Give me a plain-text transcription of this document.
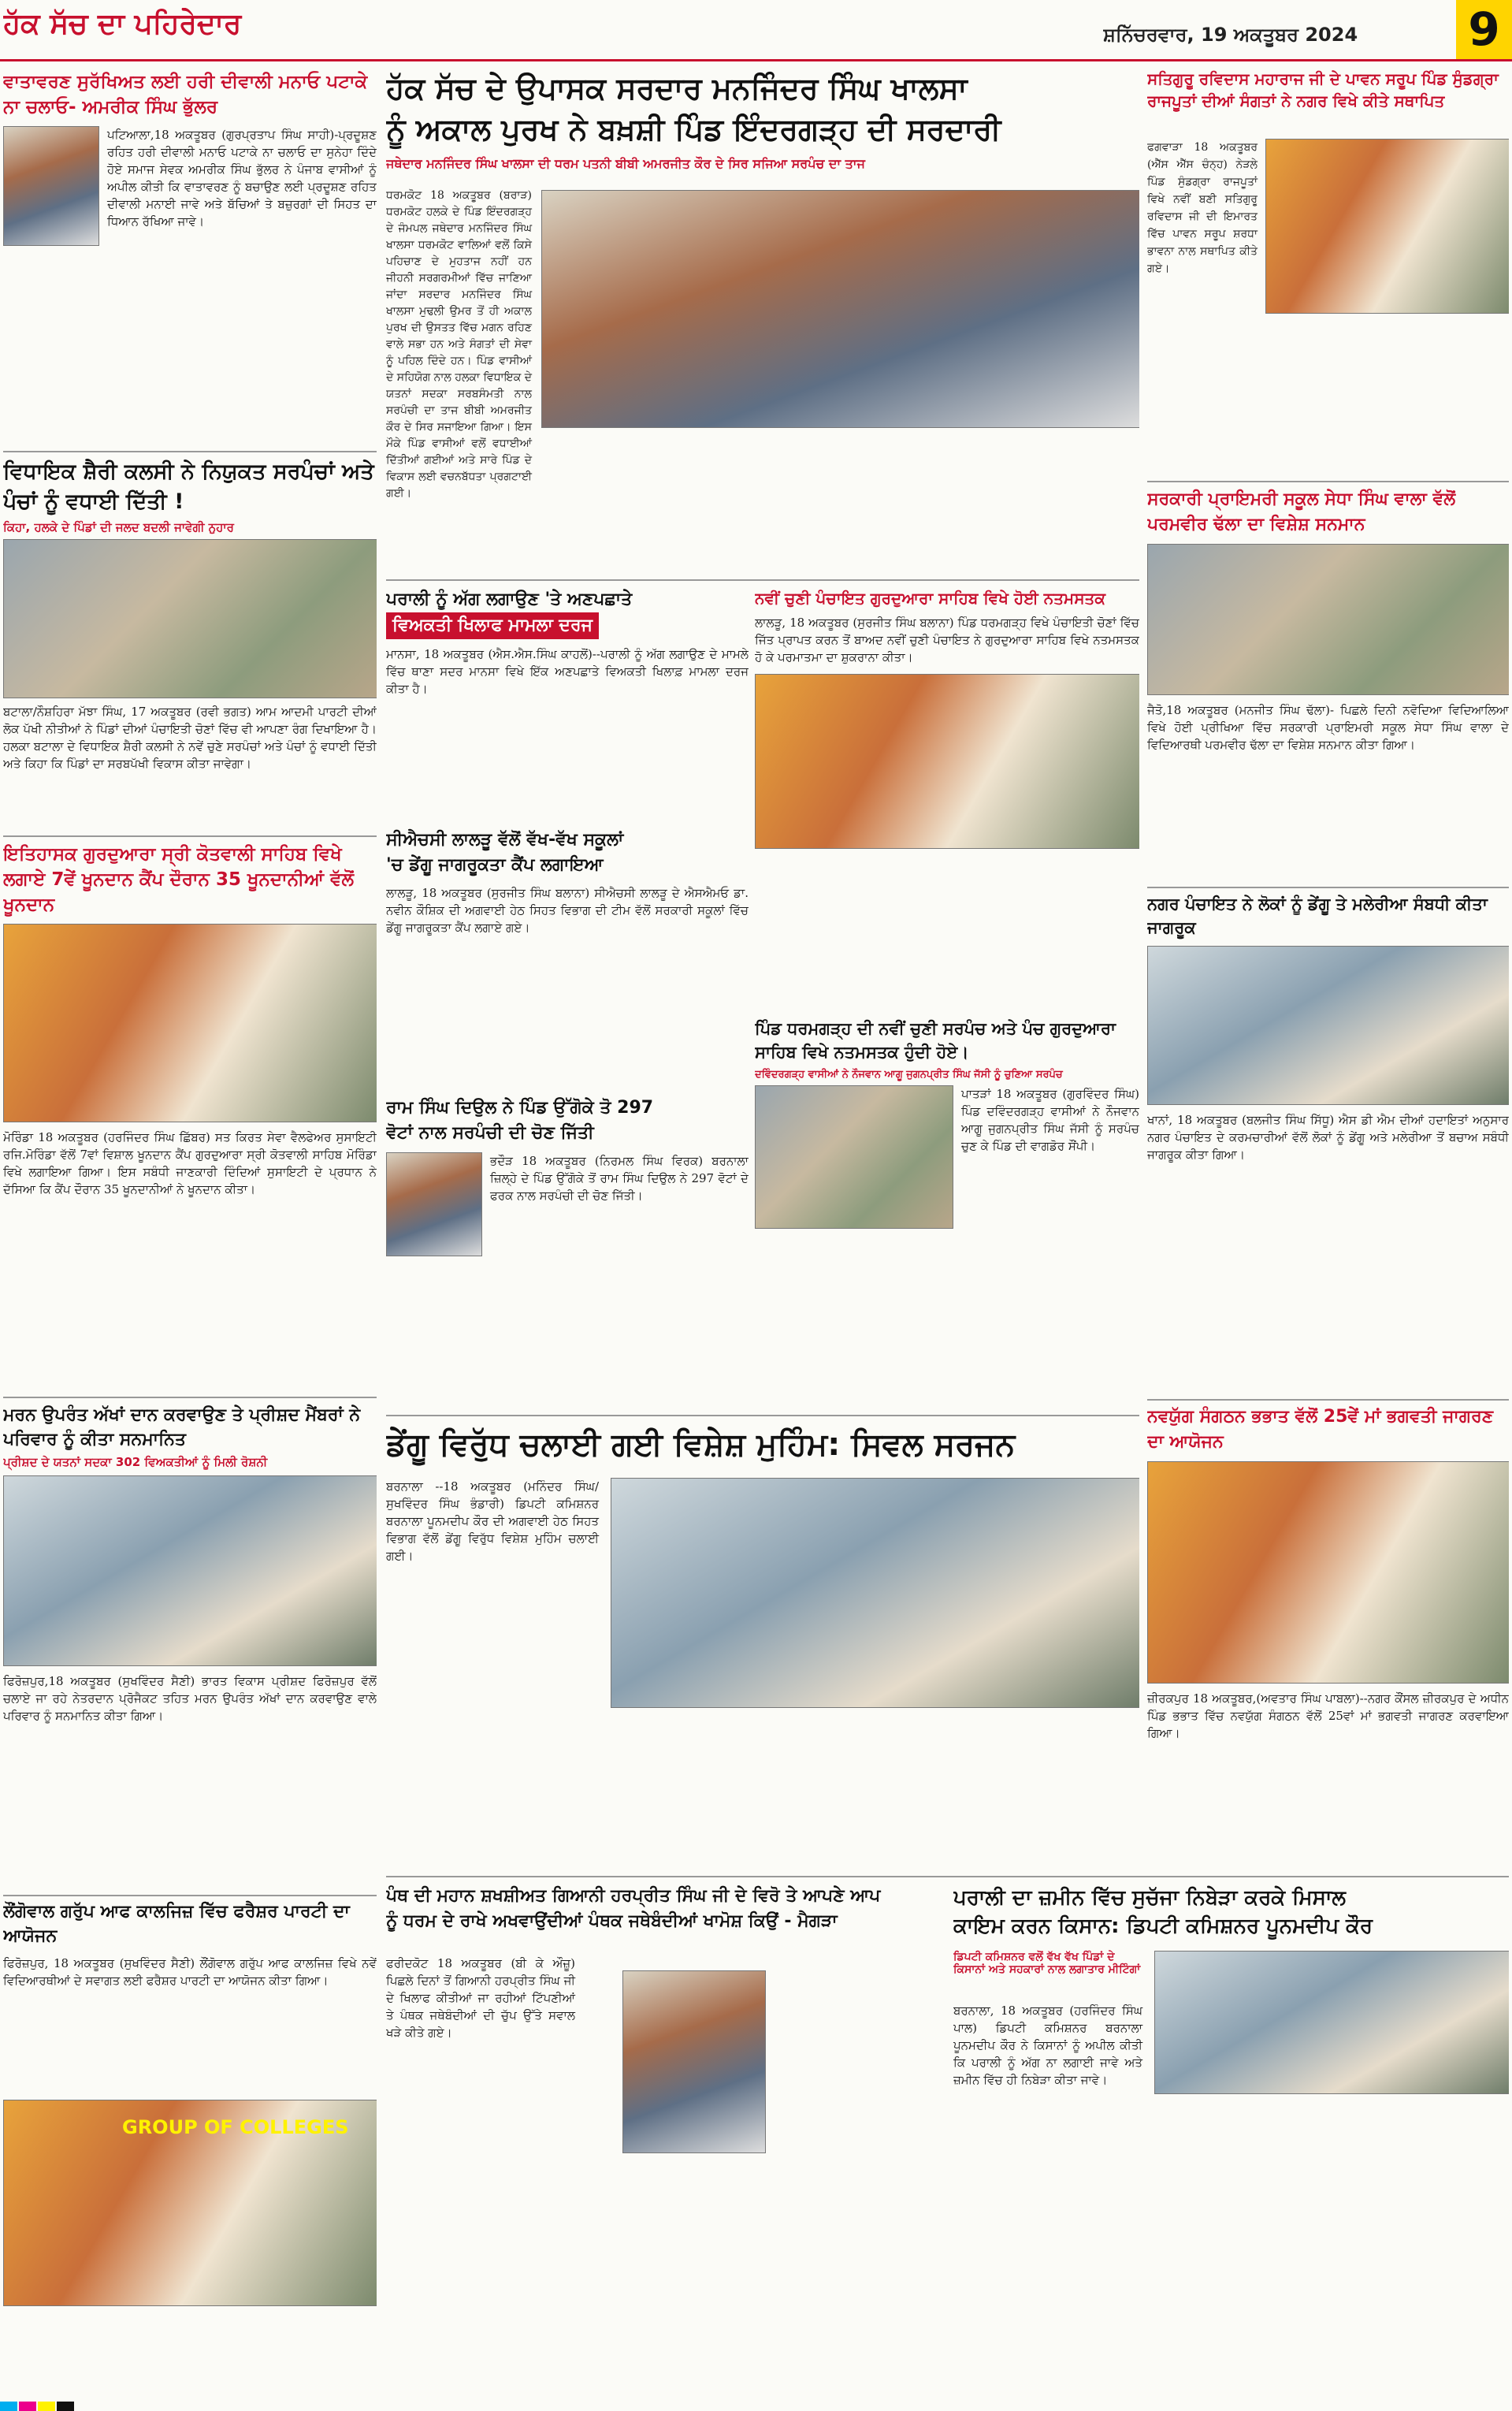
ਹੱਕ ਸੱਚ ਦਾ ਪਹਿਰੇਦਾਰ	ਸ਼ਨਿੱਚਰਵਾਰ, 19 ਅਕਤੂਬਰ 2024	9
ਵਾਤਾਵਰਣ ਸੁਰੱਖਿਅਤ ਲਈ ਹਰੀ ਦੀਵਾਲੀ ਮਨਾਓ ਪਟਾਕੇ ਨਾ ਚਲਾਓ- ਅਮਰੀਕ ਸਿੰਘ ਭੁੱਲਰ
ਪਟਿਆਲਾ,18 ਅਕਤੂਬਰ (ਗੁਰਪ੍ਰਤਾਪ ਸਿੰਘ ਸਾਹੀ)-ਪ੍ਰਦੂਸ਼ਣ ਰਹਿਤ ਹਰੀ ਦੀਵਾਲੀ ਮਨਾਓ ਪਟਾਕੇ ਨਾ ਚਲਾਓ ਦਾ ਸੁਨੇਹਾ ਦਿੰਦੇ ਹੋਏ ਸਮਾਜ ਸੇਵਕ ਅਮਰੀਕ ਸਿੰਘ ਭੁੱਲਰ ਨੇ ਪੰਜਾਬ ਵਾਸੀਆਂ ਨੂੰ ਅਪੀਲ ਕੀਤੀ ਕਿ ਵਾਤਾਵਰਣ ਨੂੰ ਬਚਾਉਣ ਲਈ ਪ੍ਰਦੂਸ਼ਣ ਰਹਿਤ ਦੀਵਾਲੀ ਮਨਾਈ ਜਾਵੇ ਅਤੇ ਬੱਚਿਆਂ ਤੇ ਬਜ਼ੁਰਗਾਂ ਦੀ ਸਿਹਤ ਦਾ ਧਿਆਨ ਰੱਖਿਆ ਜਾਵੇ।
ਵਿਧਾਇਕ ਸ਼ੈਰੀ ਕਲਸੀ ਨੇ ਨਿਯੁਕਤ ਸਰਪੰਚਾਂ ਅਤੇ ਪੰਚਾਂ ਨੂੰ ਵਧਾਈ ਦਿੱਤੀ !
ਕਿਹਾ, ਹਲਕੇ ਦੇ ਪਿੰਡਾਂ ਦੀ ਜਲਦ ਬਦਲੀ ਜਾਵੇਗੀ ਨੁਹਾਰ
ਬਟਾਲਾ/ਨੌਸ਼ਹਿਰਾ ਮੱਝਾ ਸਿੰਘ, 17 ਅਕਤੂਬਰ (ਰਵੀ ਭਗਤ) ਆਮ ਆਦਮੀ ਪਾਰਟੀ ਦੀਆਂ ਲੋਕ ਪੱਖੀ ਨੀਤੀਆਂ ਨੇ ਪਿੰਡਾਂ ਦੀਆਂ ਪੰਚਾਇਤੀ ਚੋਣਾਂ ਵਿੱਚ ਵੀ ਆਪਣਾ ਰੰਗ ਦਿਖਾਇਆ ਹੈ। ਹਲਕਾ ਬਟਾਲਾ ਦੇ ਵਿਧਾਇਕ ਸ਼ੈਰੀ ਕਲਸੀ ਨੇ ਨਵੇਂ ਚੁਣੇ ਸਰਪੰਚਾਂ ਅਤੇ ਪੰਚਾਂ ਨੂੰ ਵਧਾਈ ਦਿੱਤੀ ਅਤੇ ਕਿਹਾ ਕਿ ਪਿੰਡਾਂ ਦਾ ਸਰਬਪੱਖੀ ਵਿਕਾਸ ਕੀਤਾ ਜਾਵੇਗਾ।
ਇਤਿਹਾਸਕ ਗੁਰਦੁਆਰਾ ਸ੍ਰੀ ਕੋਤਵਾਲੀ ਸਾਹਿਬ ਵਿਖੇ ਲਗਾਏ 7ਵੇਂ ਖੂਨਦਾਨ ਕੈਂਪ ਦੌਰਾਨ 35 ਖੂਨਦਾਨੀਆਂ ਵੱਲੋਂ ਖੂਨਦਾਨ
ਮੋਰਿੰਡਾ 18 ਅਕਤੂਬਰ (ਹਰਜਿੰਦਰ ਸਿੰਘ ਛਿੱਬਰ) ਸਤ ਕਿਰਤ ਸੇਵਾ ਵੈਲਫੇਅਰ ਸੁਸਾਇਟੀ ਰਜਿ.ਮੋਰਿੰਡਾ ਵੱਲੋਂ 7ਵਾਂ ਵਿਸ਼ਾਲ ਖੂਨਦਾਨ ਕੈਂਪ ਗੁਰਦੁਆਰਾ ਸ੍ਰੀ ਕੋਤਵਾਲੀ ਸਾਹਿਬ ਮੋਰਿੰਡਾ ਵਿਖੇ ਲਗਾਇਆ ਗਿਆ। ਇਸ ਸਬੰਧੀ ਜਾਣਕਾਰੀ ਦਿੰਦਿਆਂ ਸੁਸਾਇਟੀ ਦੇ ਪ੍ਰਧਾਨ ਨੇ ਦੱਸਿਆ ਕਿ ਕੈਂਪ ਦੌਰਾਨ 35 ਖੂਨਦਾਨੀਆਂ ਨੇ ਖੂਨਦਾਨ ਕੀਤਾ।
ਮਰਨ ਉਪਰੰਤ ਅੱਖਾਂ ਦਾਨ ਕਰਵਾਉਣ ਤੇ ਪ੍ਰੀਸ਼ਦ ਮੈਂਬਰਾਂ ਨੇ ਪਰਿਵਾਰ ਨੂੰ ਕੀਤਾ ਸਨਮਾਨਿਤ
ਪ੍ਰੀਸ਼ਦ ਦੇ ਯਤਨਾਂ ਸਦਕਾ 302 ਵਿਅਕਤੀਆਂ ਨੂੰ ਮਿਲੀ ਰੋਸ਼ਨੀ
ਫਿਰੋਜ਼ਪੁਰ,18 ਅਕਤੂਬਰ (ਸੁਖਵਿੰਦਰ ਸੈਣੀ) ਭਾਰਤ ਵਿਕਾਸ ਪ੍ਰੀਸ਼ਦ ਫਿਰੋਜ਼ਪੁਰ ਵੱਲੋਂ ਚਲਾਏ ਜਾ ਰਹੇ ਨੇਤਰਦਾਨ ਪ੍ਰੋਜੈਕਟ ਤਹਿਤ ਮਰਨ ਉਪਰੰਤ ਅੱਖਾਂ ਦਾਨ ਕਰਵਾਉਣ ਵਾਲੇ ਪਰਿਵਾਰ ਨੂੰ ਸਨਮਾਨਿਤ ਕੀਤਾ ਗਿਆ।
ਲੌਂਗੋਵਾਲ ਗਰੁੱਪ ਆਫ ਕਾਲਜਿਜ਼ ਵਿੱਚ ਫਰੈਸ਼ਰ ਪਾਰਟੀ ਦਾ ਆਯੋਜਨ
ਫਿਰੋਜ਼ਪੁਰ, 18 ਅਕਤੂਬਰ (ਸੁਖਵਿੰਦਰ ਸੈਣੀ) ਲੌਂਗੋਵਾਲ ਗਰੁੱਪ ਆਫ ਕਾਲਜਿਜ਼ ਵਿਖੇ ਨਵੇਂ ਵਿਦਿਆਰਥੀਆਂ ਦੇ ਸਵਾਗਤ ਲਈ ਫਰੈਸ਼ਰ ਪਾਰਟੀ ਦਾ ਆਯੋਜਨ ਕੀਤਾ ਗਿਆ।
GROUP OF COLLEGES
ਹੱਕ ਸੱਚ ਦੇ ਉਪਾਸਕ ਸਰਦਾਰ ਮਨਜਿੰਦਰ ਸਿੰਘ ਖਾਲਸਾ
ਨੂੰ ਅਕਾਲ ਪੁਰਖ ਨੇ ਬਖ਼ਸ਼ੀ ਪਿੰਡ ਇੰਦਰਗੜ੍ਹ ਦੀ ਸਰਦਾਰੀ
ਜਥੇਦਾਰ ਮਨਜਿੰਦਰ ਸਿੰਘ ਖਾਲਸਾ ਦੀ ਧਰਮ ਪਤਨੀ ਬੀਬੀ ਅਮਰਜੀਤ ਕੌਰ ਦੇ ਸਿਰ ਸਜਿਆ ਸਰਪੰਚ ਦਾ ਤਾਜ
ਧਰਮਕੋਟ 18 ਅਕਤੂਬਰ (ਬਰਾੜ) ਧਰਮਕੋਟ ਹਲਕੇ ਦੇ ਪਿੰਡ ਇੰਦਰਗੜ੍ਹ ਦੇ ਜੰਮਪਲ ਜਥੇਦਾਰ ਮਨਜਿੰਦਰ ਸਿੰਘ ਖਾਲਸਾ ਧਰਮਕੋਟ ਵਾਲਿਆਂ ਵਲੋਂ ਕਿਸੇ ਪਹਿਚਾਣ ਦੇ ਮੁਹਤਾਜ ਨਹੀਂ ਹਨ ਜੀਹਨੀ ਸਰਗਰਮੀਆਂ ਵਿੱਚ ਜਾਣਿਆ ਜਾਂਦਾ ਸਰਦਾਰ ਮਨਜਿੰਦਰ ਸਿੰਘ ਖਾਲਸਾ ਮੁਢਲੀ ਉਮਰ ਤੋਂ ਹੀ ਅਕਾਲ ਪੁਰਖ ਦੀ ਉਸਤਤ ਵਿੱਚ ਮਗਨ ਰਹਿਣ ਵਾਲੇ ਸਭਾ ਹਨ ਅਤੇ ਸੰਗਤਾਂ ਦੀ ਸੇਵਾ ਨੂੰ ਪਹਿਲ ਦਿੰਦੇ ਹਨ। ਪਿੰਡ ਵਾਸੀਆਂ ਦੇ ਸਹਿਯੋਗ ਨਾਲ ਹਲਕਾ ਵਿਧਾਇਕ ਦੇ ਯਤਨਾਂ ਸਦਕਾ ਸਰਬਸੰਮਤੀ ਨਾਲ ਸਰਪੰਚੀ ਦਾ ਤਾਜ ਬੀਬੀ ਅਮਰਜੀਤ ਕੌਰ ਦੇ ਸਿਰ ਸਜਾਇਆ ਗਿਆ। ਇਸ ਮੌਕੇ ਪਿੰਡ ਵਾਸੀਆਂ ਵਲੋਂ ਵਧਾਈਆਂ ਦਿੱਤੀਆਂ ਗਈਆਂ ਅਤੇ ਸਾਰੇ ਪਿੰਡ ਦੇ ਵਿਕਾਸ ਲਈ ਵਚਨਬੱਧਤਾ ਪ੍ਰਗਟਾਈ ਗਈ।
ਪਰਾਲੀ ਨੂੰ ਅੱਗ ਲਗਾਉਣ 'ਤੇ ਅਣਪਛਾਤੇ
ਵਿਅਕਤੀ ਖਿਲਾਫ ਮਾਮਲਾ ਦਰਜ
ਮਾਨਸਾ, 18 ਅਕਤੂਬਰ (ਐਸ.ਐਸ.ਸਿੰਘ ਕਾਹਲੋਂ)--ਪਰਾਲੀ ਨੂੰ ਅੱਗ ਲਗਾਉਣ ਦੇ ਮਾਮਲੇ ਵਿੱਚ ਥਾਣਾ ਸਦਰ ਮਾਨਸਾ ਵਿਖੇ ਇੱਕ ਅਣਪਛਾਤੇ ਵਿਅਕਤੀ ਖਿਲਾਫ਼ ਮਾਮਲਾ ਦਰਜ ਕੀਤਾ ਹੈ।
ਸੀਐਚਸੀ ਲਾਲੜੂ ਵੱਲੋਂ ਵੱਖ-ਵੱਖ ਸਕੂਲਾਂ
'ਚ ਡੇਂਗੂ ਜਾਗਰੂਕਤਾ ਕੈਂਪ ਲਗਾਇਆ
ਲਾਲੜੂ, 18 ਅਕਤੂਬਰ (ਸੁਰਜੀਤ ਸਿੰਘ ਬਲਾਨਾ) ਸੀਐਚਸੀ ਲਾਲੜੂ ਦੇ ਐਸਐਮਓ ਡਾ. ਨਵੀਨ ਕੌਸ਼ਿਕ ਦੀ ਅਗਵਾਈ ਹੇਠ ਸਿਹਤ ਵਿਭਾਗ ਦੀ ਟੀਮ ਵੱਲੋਂ ਸਰਕਾਰੀ ਸਕੂਲਾਂ ਵਿੱਚ ਡੇਂਗੂ ਜਾਗਰੂਕਤਾ ਕੈਂਪ ਲਗਾਏ ਗਏ।
ਰਾਮ ਸਿੰਘ ਦਿਉਲ ਨੇ ਪਿੰਡ ਉੱਗੋਕੇ ਤੋ 297
ਵੋਟਾਂ ਨਾਲ ਸਰਪੰਚੀ ਦੀ ਚੋਣ ਜਿੱਤੀ
ਭਦੌੜ 18 ਅਕਤੂਬਰ (ਨਿਰਮਲ ਸਿੰਘ ਵਿਰਕ) ਬਰਨਾਲਾ ਜ਼ਿਲ੍ਹੇ ਦੇ ਪਿੰਡ ਉੱਗੋਕੇ ਤੋਂ ਰਾਮ ਸਿੰਘ ਦਿਉਲ ਨੇ 297 ਵੋਟਾਂ ਦੇ ਫਰਕ ਨਾਲ ਸਰਪੰਚੀ ਦੀ ਚੋਣ ਜਿੱਤੀ।
ਨਵੀਂ ਚੁਣੀ ਪੰਚਾਇਤ ਗੁਰਦੁਆਰਾ ਸਾਹਿਬ ਵਿਖੇ ਹੋਈ ਨਤਮਸਤਕ
ਲਾਲੜੂ, 18 ਅਕਤੂਬਰ (ਸੁਰਜੀਤ ਸਿੰਘ ਬਲਾਨਾ) ਪਿੰਡ ਧਰਮਗੜ੍ਹ ਵਿਖੇ ਪੰਚਾਇਤੀ ਚੋਣਾਂ ਵਿੱਚ ਜਿੱਤ ਪ੍ਰਾਪਤ ਕਰਨ ਤੋਂ ਬਾਅਦ ਨਵੀਂ ਚੁਣੀ ਪੰਚਾਇਤ ਨੇ ਗੁਰਦੁਆਰਾ ਸਾਹਿਬ ਵਿਖੇ ਨਤਮਸਤਕ ਹੋ ਕੇ ਪਰਮਾਤਮਾ ਦਾ ਸ਼ੁਕਰਾਨਾ ਕੀਤਾ।
ਪਿੰਡ ਧਰਮਗੜ੍ਹ ਦੀ ਨਵੀਂ ਚੁਣੀ ਸਰਪੰਚ ਅਤੇ ਪੰਚ ਗੁਰਦੁਆਰਾ ਸਾਹਿਬ ਵਿਖੇ ਨਤਮਸਤਕ ਹੁੰਦੀ ਹੋਏ।
ਦਵਿੰਦਰਗੜ੍ਹ ਵਾਸੀਆਂ ਨੇ ਨੌਜਵਾਨ ਆਗੂ ਜੁਗਨਪ੍ਰੀਤ ਸਿੰਘ ਜੱਸੀ ਨੂੰ ਚੁਣਿਆ ਸਰਪੰਚ
ਪਾਤੜਾਂ 18 ਅਕਤੂਬਰ (ਗੁਰਵਿੰਦਰ ਸਿੰਘ) ਪਿੰਡ ਦਵਿੰਦਰਗੜ੍ਹ ਵਾਸੀਆਂ ਨੇ ਨੌਜਵਾਨ ਆਗੂ ਜੁਗਨਪ੍ਰੀਤ ਸਿੰਘ ਜੱਸੀ ਨੂੰ ਸਰਪੰਚ ਚੁਣ ਕੇ ਪਿੰਡ ਦੀ ਵਾਗਡੋਰ ਸੌਂਪੀ।
ਡੇਂਗੂ ਵਿਰੁੱਧ ਚਲਾਈ ਗਈ ਵਿਸ਼ੇਸ਼ ਮੁਹਿੰਮ: ਸਿਵਲ ਸਰਜਨ
ਬਰਨਾਲਾ --18 ਅਕਤੂਬਰ (ਮਨਿੰਦਰ ਸਿੰਘ/ ਸੁਖਵਿੰਦਰ ਸਿੰਘ ਭੰਡਾਰੀ) ਡਿਪਟੀ ਕਮਿਸ਼ਨਰ ਬਰਨਾਲਾ ਪੂਨਮਦੀਪ ਕੌਰ ਦੀ ਅਗਵਾਈ ਹੇਠ ਸਿਹਤ ਵਿਭਾਗ ਵੱਲੋਂ ਡੇਂਗੂ ਵਿਰੁੱਧ ਵਿਸ਼ੇਸ਼ ਮੁਹਿੰਮ ਚਲਾਈ ਗਈ।
ਪੰਥ ਦੀ ਮਹਾਨ ਸ਼ਖਸ਼ੀਅਤ ਗਿਆਨੀ ਹਰਪ੍ਰੀਤ ਸਿੰਘ ਜੀ ਦੇ ਵਿਰੋ ਤੇ ਆਪਣੇ ਆਪ
ਨੂੰ ਧਰਮ ਦੇ ਰਾਖੇ ਅਖਵਾਉਂਦੀਆਂ ਪੰਥਕ ਜਥੇਬੰਦੀਆਂ ਖਾਮੋਸ਼ ਕਿਉਂ - ਮੈਗੜਾ
ਫਰੀਦਕੋਟ 18 ਅਕਤੂਬਰ (ਬੀ ਕੇ ਔਜ਼ੂ) ਪਿਛਲੇ ਦਿਨਾਂ ਤੋਂ ਗਿਆਨੀ ਹਰਪ੍ਰੀਤ ਸਿੰਘ ਜੀ ਦੇ ਖਿਲਾਫ ਕੀਤੀਆਂ ਜਾ ਰਹੀਆਂ ਟਿੱਪਣੀਆਂ ਤੇ ਪੰਥਕ ਜਥੇਬੰਦੀਆਂ ਦੀ ਚੁੱਪ ਉੱਤੇ ਸਵਾਲ ਖੜੇ ਕੀਤੇ ਗਏ।
ਸਤਿਗੁਰੂ ਰਵਿਦਾਸ ਮਹਾਰਾਜ ਜੀ ਦੇ ਪਾਵਨ ਸਰੂਪ ਪਿੰਡ ਸੁੰਡਗ੍ਰਾ ਰਾਜਪੂਤਾਂ ਦੀਆਂ ਸੰਗਤਾਂ ਨੇ ਨਗਰ ਵਿਖੇ ਕੀਤੇ ਸਥਾਪਿਤ
ਫਗਵਾੜਾ 18 ਅਕਤੂਬਰ (ਐੱਸ ਐੱਸ ਚੰਨ੍ਹ) ਨੇੜਲੇ ਪਿੰਡ ਸੁੰਡਗ੍ਰਾ ਰਾਜਪੂਤਾਂ ਵਿਖੇ ਨਵੀਂ ਬਣੀ ਸਤਿਗੁਰੂ ਰਵਿਦਾਸ ਜੀ ਦੀ ਇਮਾਰਤ ਵਿੱਚ ਪਾਵਨ ਸਰੂਪ ਸ਼ਰਧਾ ਭਾਵਨਾ ਨਾਲ ਸਥਾਪਿਤ ਕੀਤੇ ਗਏ।
ਸਰਕਾਰੀ ਪ੍ਰਾਇਮਰੀ ਸਕੂਲ ਸੇਧਾ ਸਿੰਘ ਵਾਲਾ ਵੱਲੋਂ ਪਰਮਵੀਰ ਢੱਲਾ ਦਾ ਵਿਸ਼ੇਸ਼ ਸਨਮਾਨ
ਜੈਤੋ,18 ਅਕਤੂਬਰ (ਮਨਜੀਤ ਸਿੰਘ ਢੱਲਾ)- ਪਿਛਲੇ ਦਿਨੀ ਨਵੋਦਿਆ ਵਿਦਿਆਲਿਆ ਵਿਖੇ ਹੋਈ ਪ੍ਰੀਖਿਆ ਵਿੱਚ ਸਰਕਾਰੀ ਪ੍ਰਾਇਮਰੀ ਸਕੂਲ ਸੇਧਾ ਸਿੰਘ ਵਾਲਾ ਦੇ ਵਿਦਿਆਰਥੀ ਪਰਮਵੀਰ ਢੱਲਾ ਦਾ ਵਿਸ਼ੇਸ਼ ਸਨਮਾਨ ਕੀਤਾ ਗਿਆ।
ਨਗਰ ਪੰਚਾਇਤ ਨੇ ਲੋਕਾਂ ਨੂੰ ਡੇਂਗੂ ਤੇ ਮਲੇਰੀਆ ਸੰਬਧੀ ਕੀਤਾ ਜਾਗਰੂਕ
ਖਾਨਾਂ, 18 ਅਕਤੂਬਰ (ਬਲਜੀਤ ਸਿੰਘ ਸਿੱਧੂ) ਐਸ ਡੀ ਐਮ ਦੀਆਂ ਹਦਾਇਤਾਂ ਅਨੁਸਾਰ ਨਗਰ ਪੰਚਾਇਤ ਦੇ ਕਰਮਚਾਰੀਆਂ ਵੱਲੋਂ ਲੋਕਾਂ ਨੂੰ ਡੇਂਗੂ ਅਤੇ ਮਲੇਰੀਆ ਤੋਂ ਬਚਾਅ ਸਬੰਧੀ ਜਾਗਰੂਕ ਕੀਤਾ ਗਿਆ।
ਨਵਯੁੱਗ ਸੰਗਠਨ ਭਭਾਤ ਵੱਲੋਂ 25ਵੇਂ ਮਾਂ ਭਗਵਤੀ ਜਾਗਰਣ ਦਾ ਆਯੋਜਨ
ਜ਼ੀਰਕਪੁਰ 18 ਅਕਤੂਬਰ,(ਅਵਤਾਰ ਸਿੰਘ ਪਾਬਲਾ)--ਨਗਰ ਕੌਂਸਲ ਜ਼ੀਰਕਪੁਰ ਦੇ ਅਧੀਨ ਪਿੰਡ ਭਭਾਤ ਵਿੱਚ ਨਵਯੁੱਗ ਸੰਗਠਨ ਵੱਲੋਂ 25ਵਾਂ ਮਾਂ ਭਗਵਤੀ ਜਾਗਰਣ ਕਰਵਾਇਆ ਗਿਆ।
ਪਰਾਲੀ ਦਾ ਜ਼ਮੀਨ ਵਿੱਚ ਸੁਚੱਜਾ ਨਿਬੇੜਾ ਕਰਕੇ ਮਿਸਾਲ
ਕਾਇਮ ਕਰਨ ਕਿਸਾਨ: ਡਿਪਟੀ ਕਮਿਸ਼ਨਰ ਪੂਨਮਦੀਪ ਕੌਰ
ਡਿਪਟੀ ਕਮਿਸ਼ਨਰ ਵਲੋਂ ਵੱਖ ਵੱਖ ਪਿੰਡਾਂ ਦੇ ਕਿਸਾਨਾਂ ਅਤੇ ਸਹਕਾਰਾਂ ਨਾਲ ਲਗਾਤਾਰ ਮੀਟਿੰਗਾਂ
ਬਰਨਾਲਾ, 18 ਅਕਤੂਬਰ (ਹਰਜਿੰਦਰ ਸਿੰਘ ਪਾਲ) ਡਿਪਟੀ ਕਮਿਸ਼ਨਰ ਬਰਨਾਲਾ ਪੂਨਮਦੀਪ ਕੌਰ ਨੇ ਕਿਸਾਨਾਂ ਨੂੰ ਅਪੀਲ ਕੀਤੀ ਕਿ ਪਰਾਲੀ ਨੂੰ ਅੱਗ ਨਾ ਲਗਾਈ ਜਾਵੇ ਅਤੇ ਜ਼ਮੀਨ ਵਿੱਚ ਹੀ ਨਿਬੇੜਾ ਕੀਤਾ ਜਾਵੇ।
